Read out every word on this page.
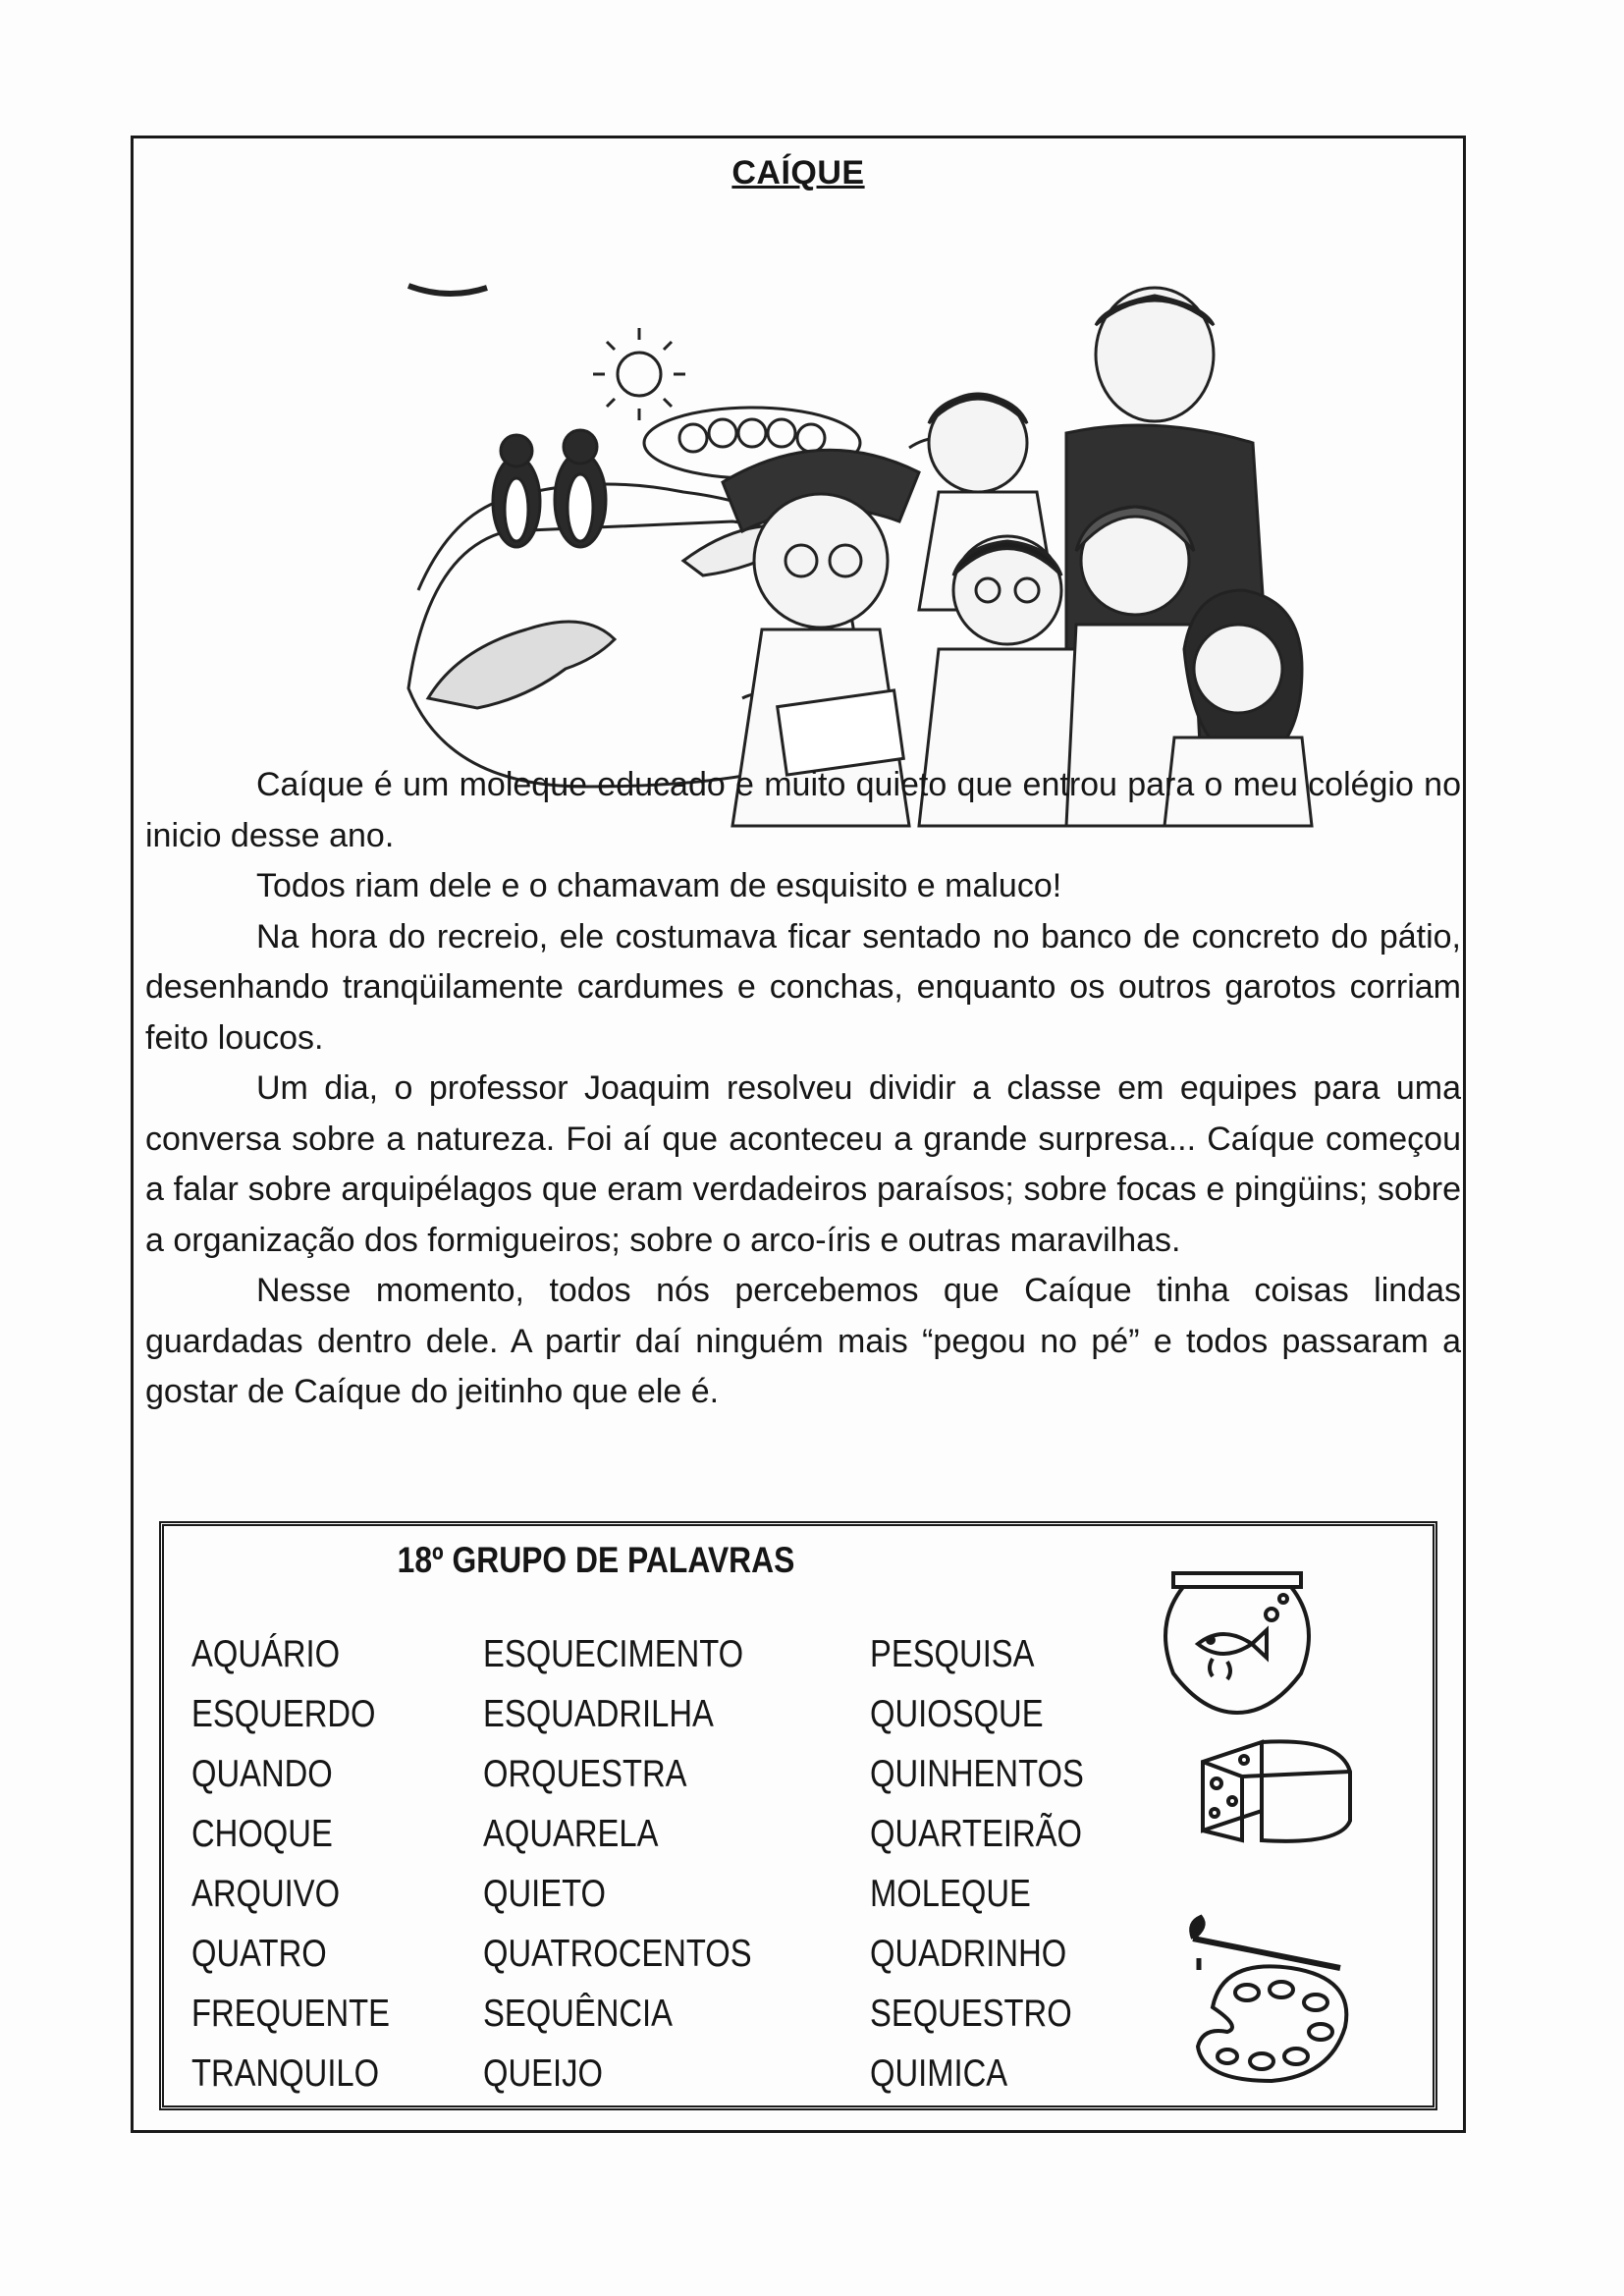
CAÍQUE

Caíque é um moleque educado e muito quieto que entrou para o meu colégio no inicio desse ano.

Todos riam dele e o chamavam de esquisito e maluco!

Na hora do recreio, ele costumava ficar sentado no banco de concreto do pátio, desenhando tranqüilamente cardumes e conchas, enquanto os outros garotos corriam feito loucos.

Um dia, o professor Joaquim resolveu dividir a classe em equipes para uma conversa sobre a natureza. Foi aí que aconteceu a grande surpresa... Caíque começou a falar sobre arquipélagos que eram verdadeiros paraísos; sobre focas e pingüins; sobre a organização dos formigueiros; sobre o arco-íris e outras maravilhas.

Nesse momento, todos nós percebemos que Caíque tinha coisas lindas guardadas dentro dele. A partir daí ninguém mais “pegou no pé” e todos passaram a gostar de Caíque do jeitinho que ele é.

18º GRUPO DE PALAVRAS
AQUÁRIO
ESQUERDO
QUANDO
CHOQUE
ARQUIVO
QUATRO
FREQUENTE
TRANQUILO
ESQUECIMENTO
ESQUADRILHA
ORQUESTRA
AQUARELA
QUIETO
QUATROCENTOS
SEQUÊNCIA
QUEIJO
PESQUISA
QUIOSQUE
QUINHENTOS
QUARTEIRÃO
MOLEQUE
QUADRINHO
SEQUESTRO
QUIMICA
